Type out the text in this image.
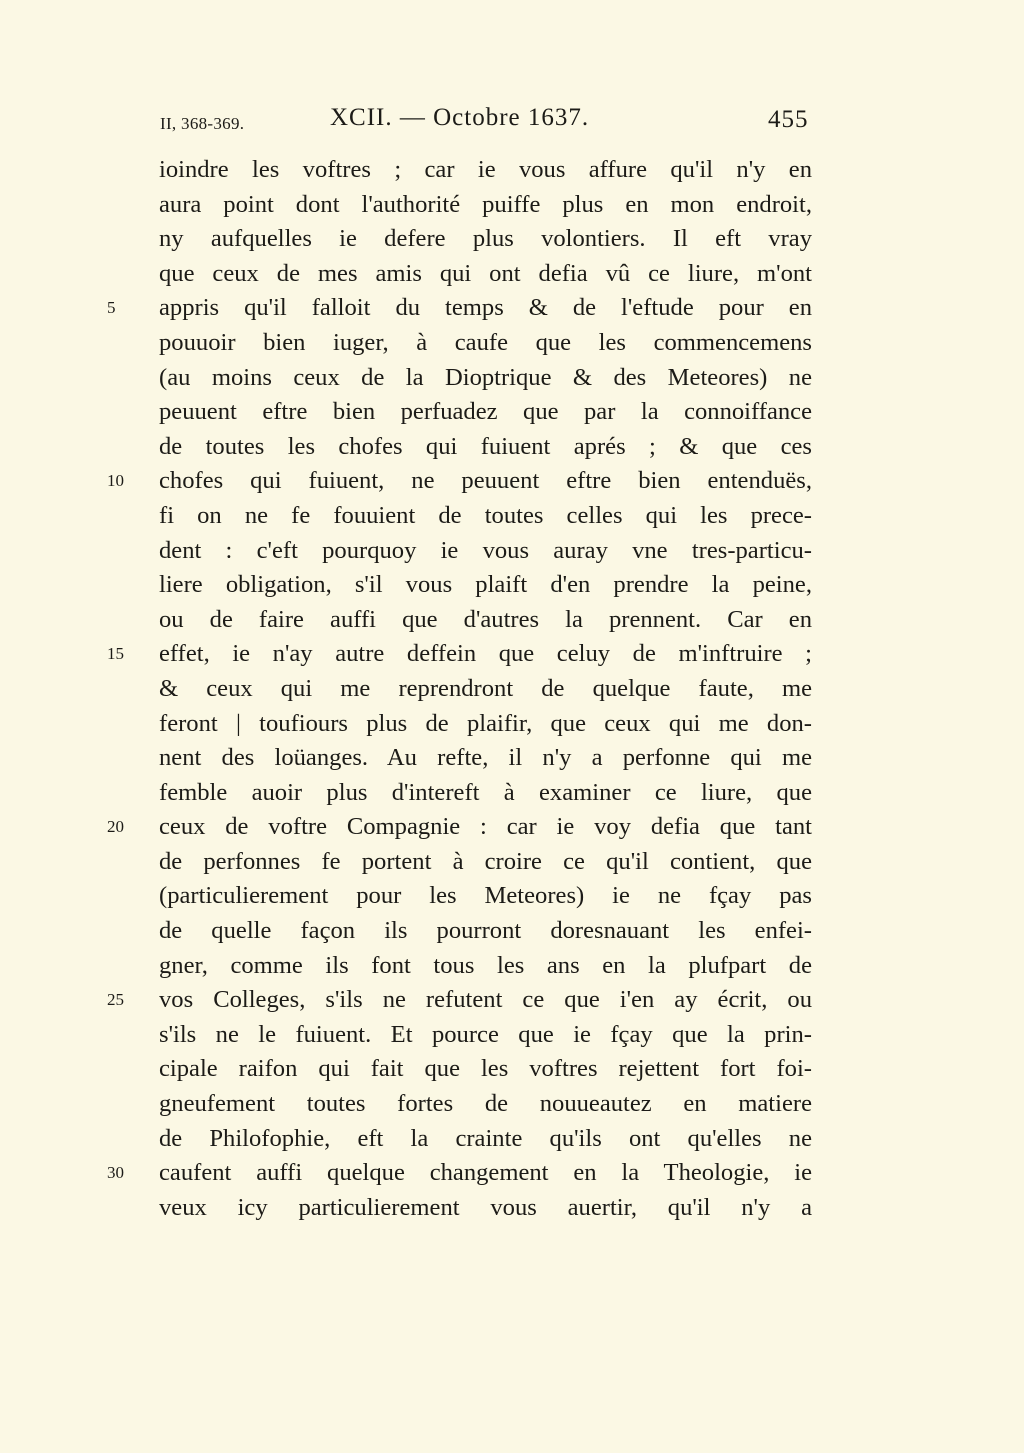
II, 368-369.	XCII. — Octobre 1637.	455
ioindre les voftres ; car ie vous affure qu'il n'y en
aura point dont l'authorité puiffe plus en mon endroit,
ny aufquelles ie defere plus volontiers. Il eft vray
que ceux de mes amis qui ont defia vû ce liure, m'ont
5	appris qu'il falloit du temps & de l'eftude pour en
pouuoir bien iuger, à caufe que les commencemens
(au moins ceux de la Dioptrique & des Meteores) ne
peuuent eftre bien perfuadez que par la connoiffance
de toutes les chofes qui fuiuent aprés ; & que ces
10	chofes qui fuiuent, ne peuuent eftre bien entenduës,
fi on ne fe fouuient de toutes celles qui les prece-
dent : c'eft pourquoy ie vous auray vne tres-particu-
liere obligation, s'il vous plaift d'en prendre la peine,
ou de faire auffi que d'autres la prennent. Car en
15	effet, ie n'ay autre deffein que celuy de m'inftruire ;
& ceux qui me reprendront de quelque faute, me
feront | toufiours plus de plaifir, que ceux qui me don-
nent des loüanges. Au refte, il n'y a perfonne qui me
femble auoir plus d'intereft à examiner ce liure, que
20	ceux de voftre Compagnie : car ie voy defia que tant
de perfonnes fe portent à croire ce qu'il contient, que
(particulierement pour les Meteores) ie ne fçay pas
de quelle façon ils pourront doresnauant les enfei-
gner, comme ils font tous les ans en la plufpart de
25	vos Colleges, s'ils ne refutent ce que i'en ay écrit, ou
s'ils ne le fuiuent. Et pource que ie fçay que la prin-
cipale raifon qui fait que les voftres rejettent fort foi-
gneufement toutes fortes de nouueautez en matiere
de Philofophie, eft la crainte qu'ils ont qu'elles ne
30	caufent auffi quelque changement en la Theologie, ie
veux icy particulierement vous auertir, qu'il n'y a
